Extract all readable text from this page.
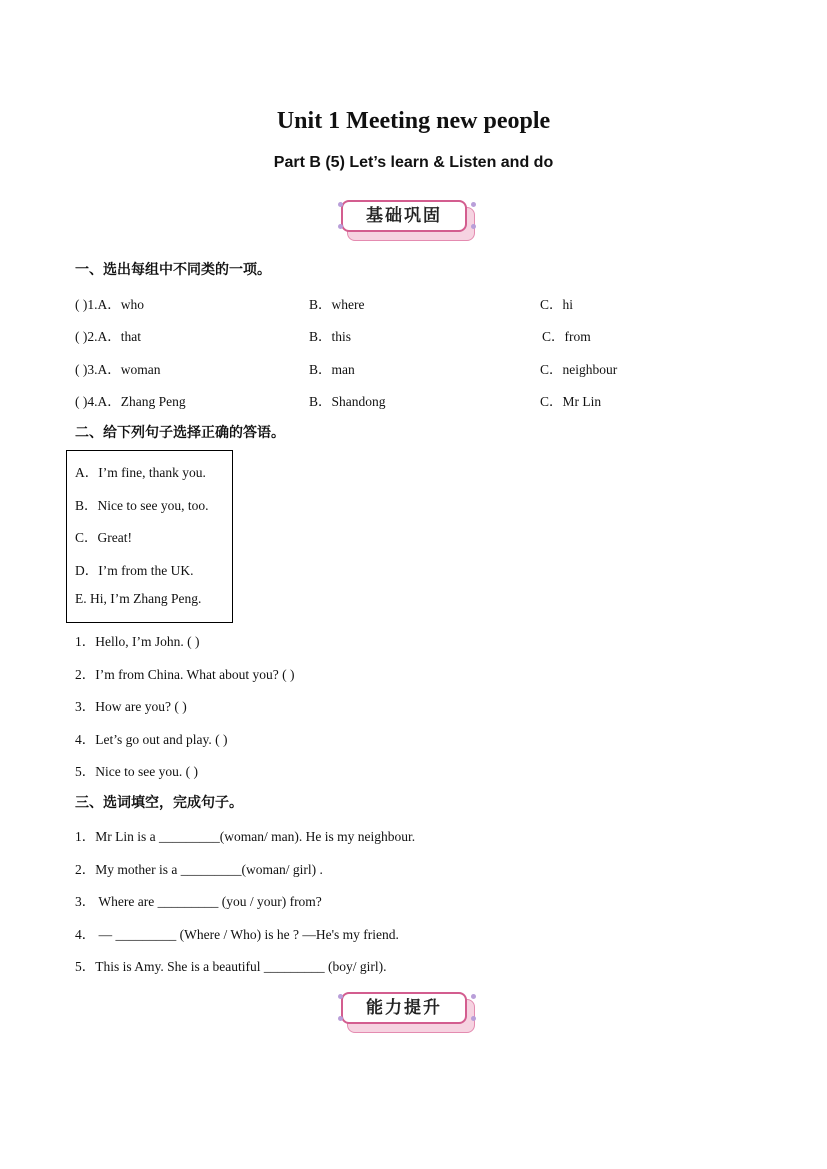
Unit 1 Meeting new people
Part B (5) Let’s learn & Listen and do
基础巩固
一、选出每组中不同类的一项。
( )1.A．who	B．where	C．hi
( )2.A．that	B．this	C．from
( )3.A．woman	B．man	C．neighbour
( )4.A．Zhang Peng	B．Shandong	C．Mr Lin
二、给下列句子选择正确的答语。
A．I’m fine, thank you.
B．Nice to see you, too.
C．Great!
D．I’m from the UK.
E. Hi, I’m Zhang Peng.
1．Hello, I’m John. ( )
2．I’m from China. What about you? ( )
3．How are you? ( )
4．Let’s go out and play. ( )
5．Nice to see you. ( )
三、选词填空，完成句子。
1．Mr Lin is a _________(woman/ man). He is my neighbour.
2．My mother is a _________(woman/ girl) .
3． Where are _________ (you / your) from?
4． — _________ (Where / Who) is he ? —He's my friend.
5．This is Amy. She is a beautiful _________ (boy/ girl).
能力提升
